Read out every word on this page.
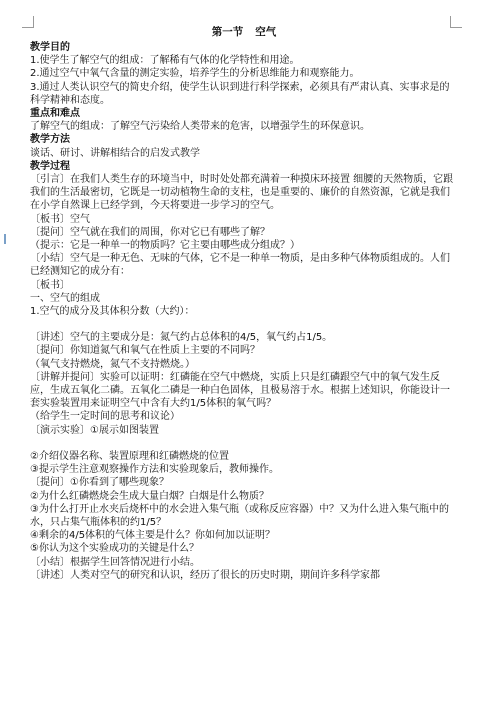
第一节 空气
教学目的
1.使学生了解空气的组成：了解稀有气体的化学特性和用途。
2.通过空气中氧气含量的测定实验，培养学生的分析思维能力和观察能力。
3.通过人类认识空气的简史介绍，使学生认识到进行科学探索，必须具有严肃认真、实事求是的科学精神和态度。
重点和难点
了解空气的组成：了解空气污染给人类带来的危害，以增强学生的环保意识。
教学方法
谈话、研讨、讲解相结合的启发式教学
教学过程
〔引言〕在我们人类生存的环境当中，时时处处都充满着一种摸床环接置 细腰的天然物质，它跟我们的生活最密切，它既是一切动植物生命的支柱，也是重要的、廉价的自然资源，它就是我们在小学自然课上已经学到，今天将要进一步学习的空气。
〔板书〕空气
〔提问〕空气就在我们的周围，你对它已有哪些了解？
（提示：它是一种单一的物质吗？它主要由哪些成分组成？）
〔小结〕空气是一种无色、无味的气体，它不是一种单一物质，是由多种气体物质组成的。人们已经测知它的成分有：
〔板书〕
一、空气的组成
1.空气的成分及其体积分数（大约）：
〔讲述〕空气的主要成分是：氮气约占总体积的4/5，氧气约占1/5。
〔提问〕你知道氮气和氧气在性质上主要的不同吗？
（氧气支持燃烧，氮气不支持燃烧。）
〔讲解并提问〕实验可以证明：红磷能在空气中燃烧，实质上只是红磷跟空气中的氧气发生反应，生成五氧化二磷。五氧化二磷是一种白色固体，且极易溶于水。根据上述知识，你能设计一套实验装置用来证明空气中含有大约1/5体积的氧气吗？
（给学生一定时间的思考和议论）
〔演示实验〕①展示如图装置
②介绍仪器名称、装置原理和红磷燃烧的位置
③提示学生注意观察操作方法和实验现象后，教师操作。
〔提问〕①你看到了哪些现象？
②为什么红磷燃烧会生成大量白烟？白烟是什么物质？
③为什么打开止水夹后烧杯中的水会进入集气瓶（或称反应容器）中？又为什么进入集气瓶中的水，只占集气瓶体积的约1/5？
④剩余的4/5体积的气体主要是什么？你如何加以证明？
⑤你认为这个实验成功的关键是什么？
〔小结〕根据学生回答情况进行小结。
〔讲述〕人类对空气的研究和认识，经历了很长的历史时期，期间许多科学家都
